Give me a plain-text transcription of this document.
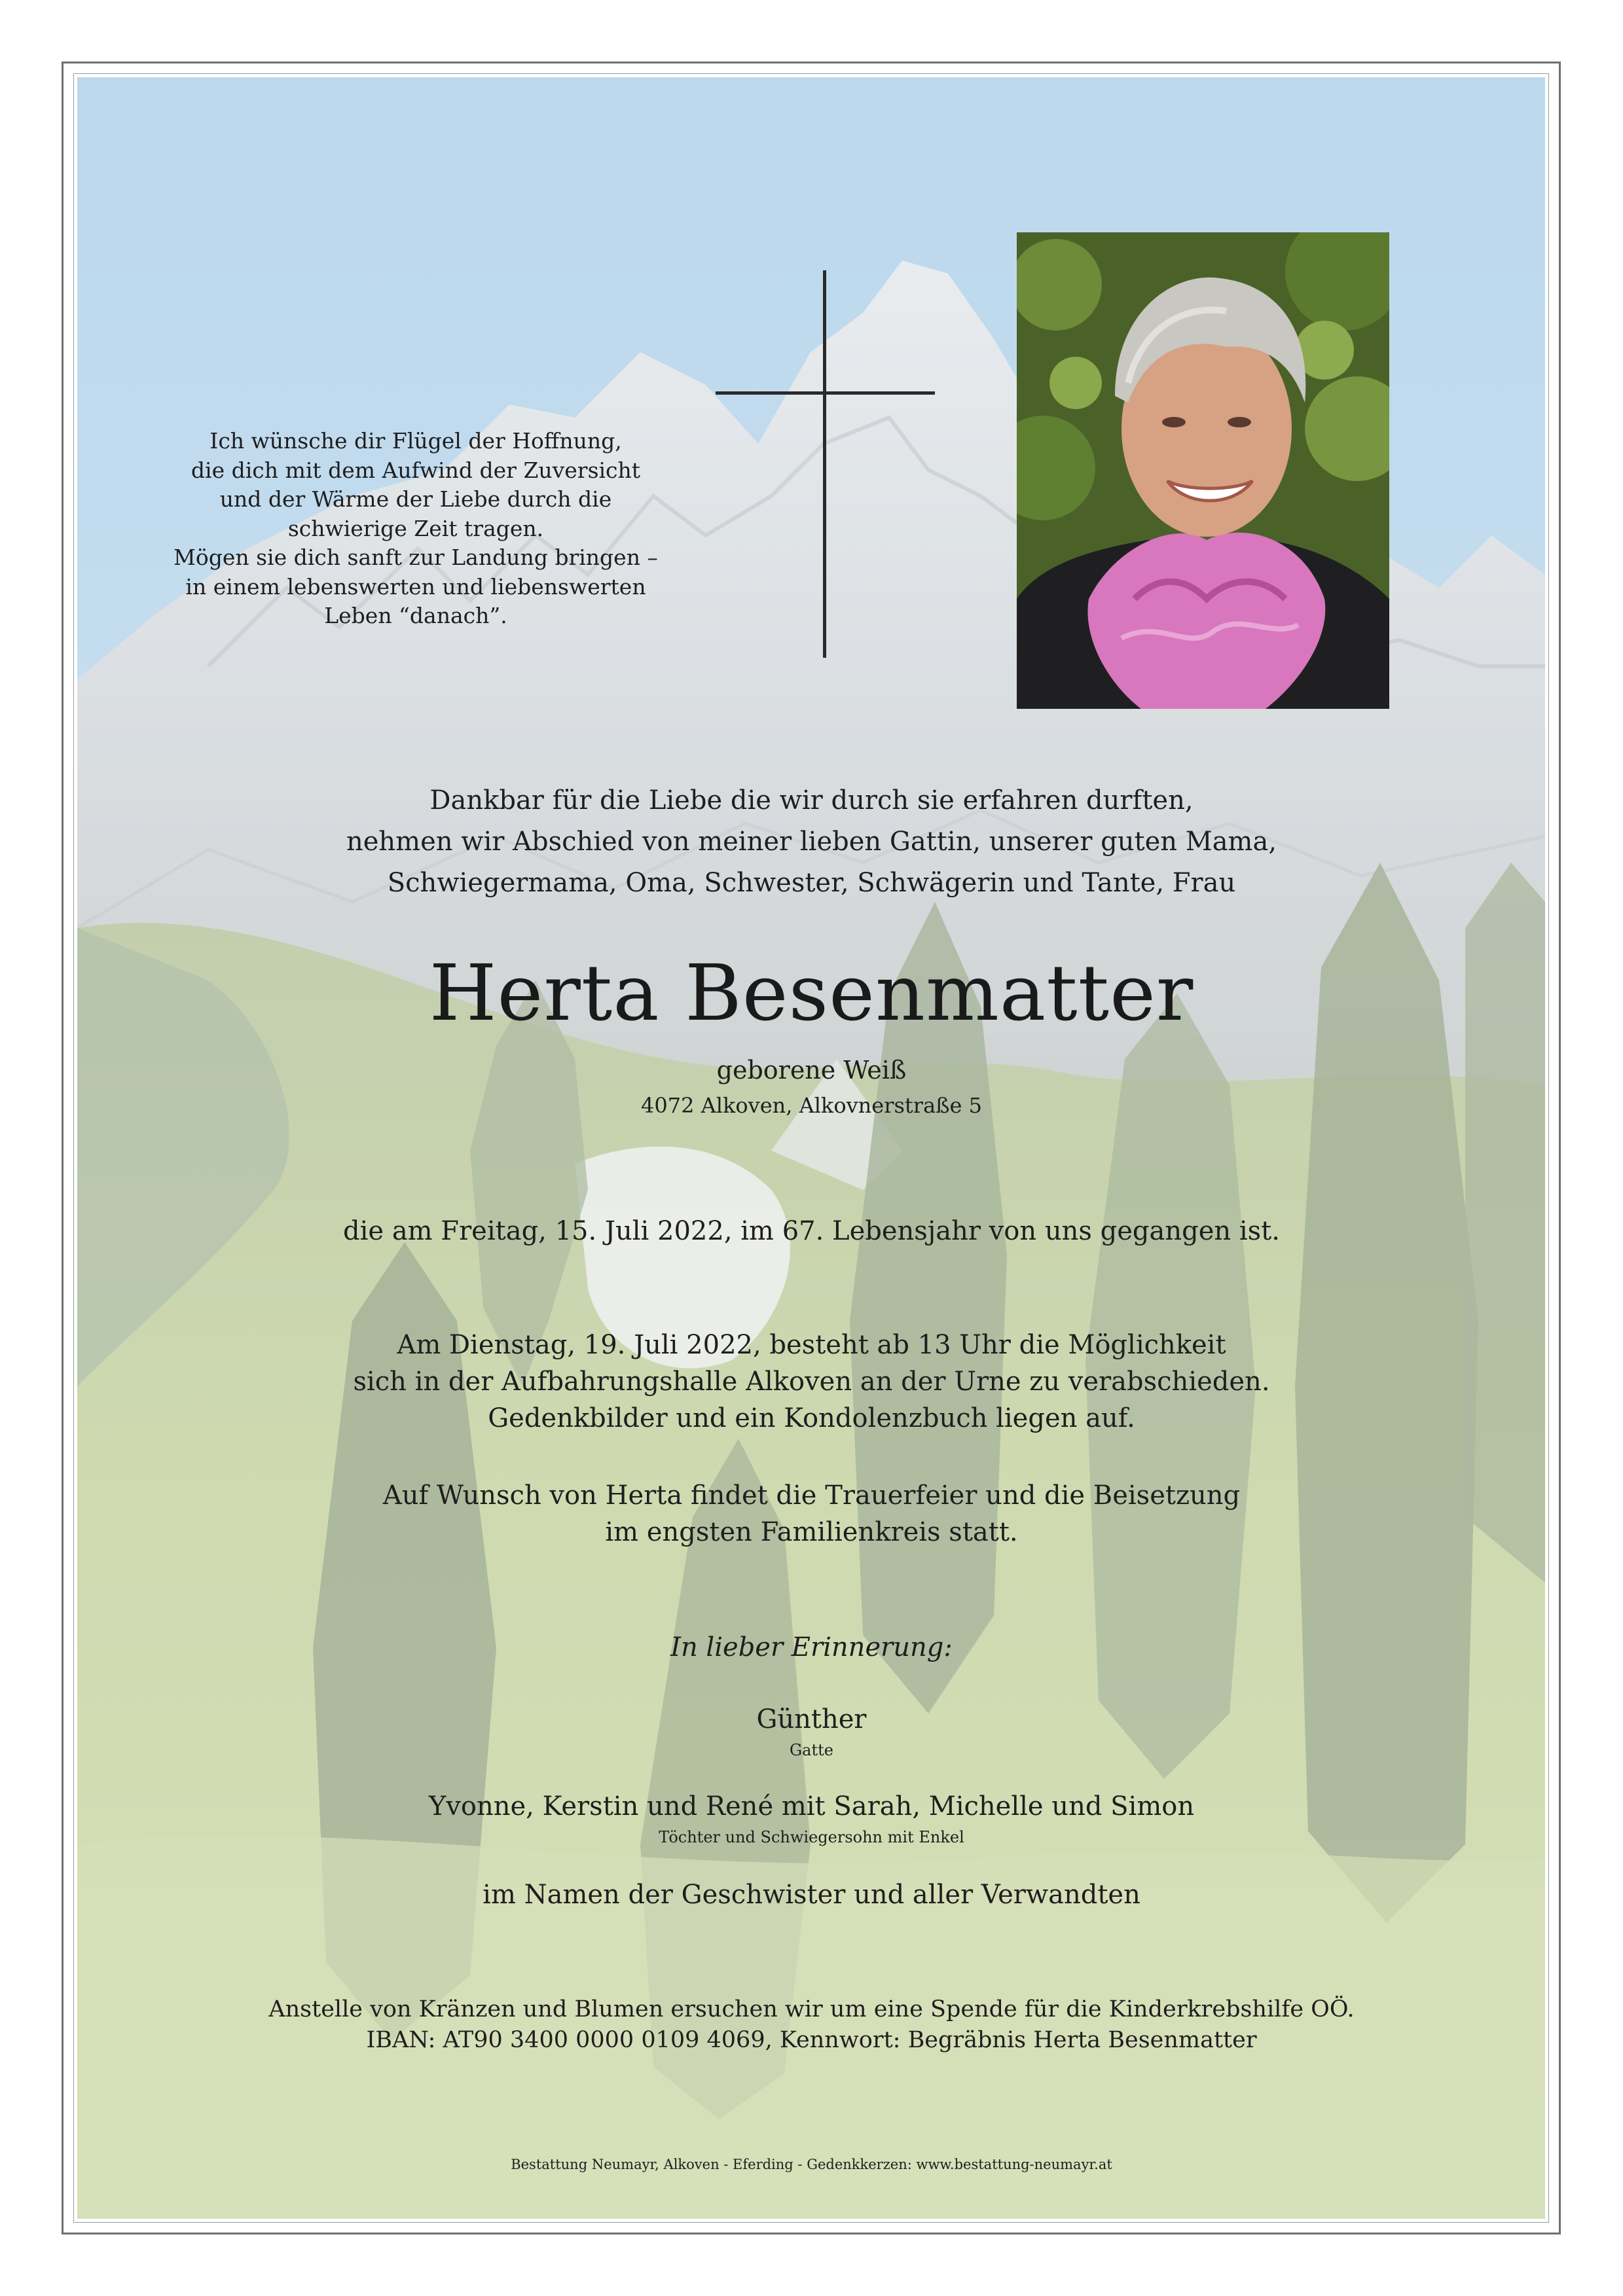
Ich wünsche dir Flügel der Hoffnung,
die dich mit dem Aufwind der Zuversicht
und der Wärme der Liebe durch die
schwierige Zeit tragen.
Mögen sie dich sanft zur Landung bringen –
in einem lebenswerten und liebenswerten
Leben “danach”.
Dankbar für die Liebe die wir durch sie erfahren durften,
nehmen wir Abschied von meiner lieben Gattin, unserer guten Mama,
Schwiegermama, Oma, Schwester, Schwägerin und Tante, Frau
Herta Besenmatter
geborene Weiß
4072 Alkoven, Alkovnerstraße 5
die am Freitag, 15. Juli 2022, im 67. Lebensjahr von uns gegangen ist.
Am Dienstag, 19. Juli 2022, besteht ab 13 Uhr die Möglichkeit
sich in der Aufbahrungshalle Alkoven an der Urne zu verabschieden.
Gedenkbilder und ein Kondolenzbuch liegen auf.
Auf Wunsch von Herta findet die Trauerfeier und die Beisetzung
im engsten Familienkreis statt.
In lieber Erinnerung:
Günther
Gatte
Yvonne, Kerstin und René mit Sarah, Michelle und Simon
Töchter und Schwiegersohn mit Enkel
im Namen der Geschwister und aller Verwandten
Anstelle von Kränzen und Blumen ersuchen wir um eine Spende für die Kinderkrebshilfe OÖ.
IBAN: AT90 3400 0000 0109 4069, Kennwort: Begräbnis Herta Besenmatter
Bestattung Neumayr, Alkoven - Eferding - Gedenkkerzen: www.bestattung-neumayr.at
